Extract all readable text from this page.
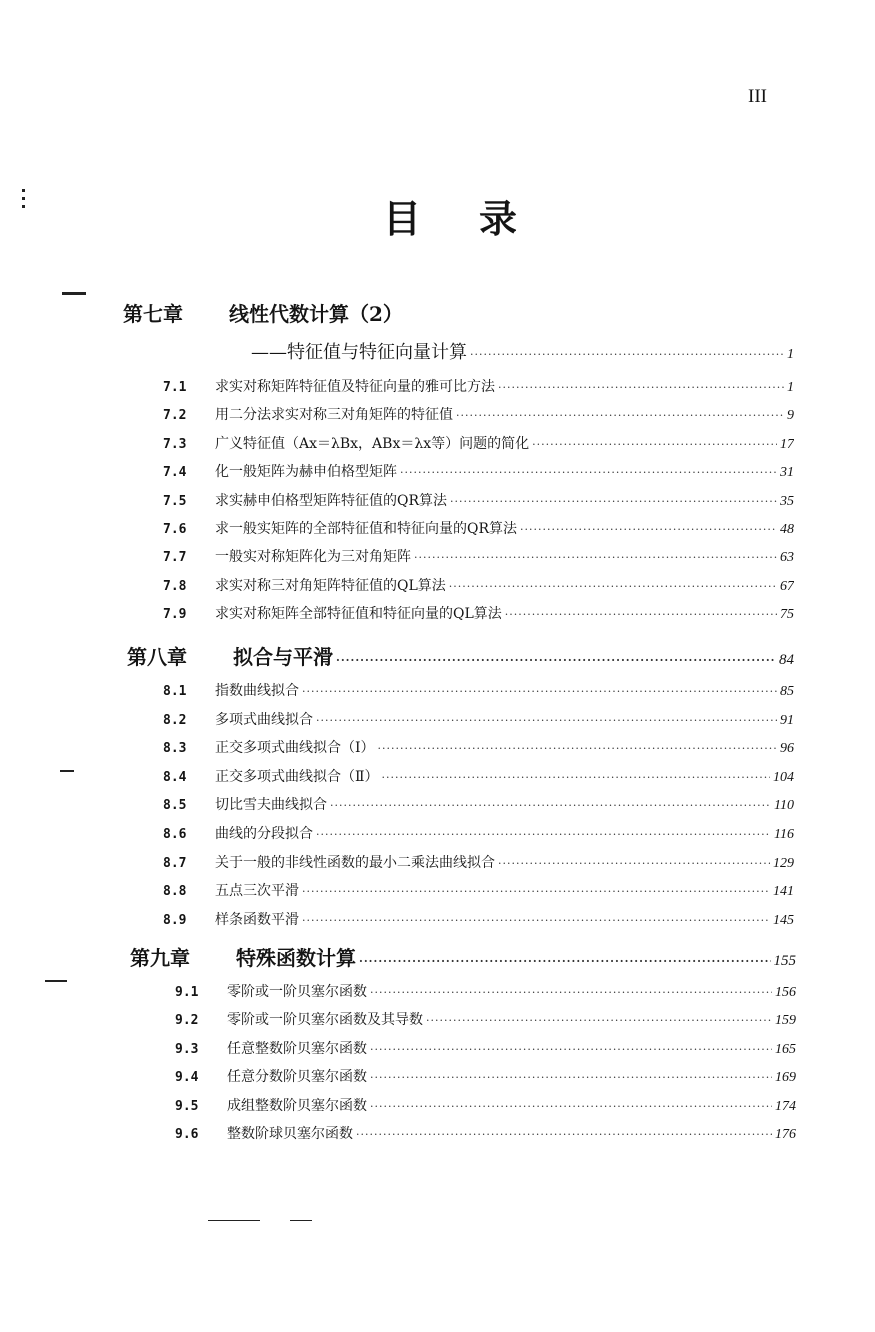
III
目录
第七章	线性代数计算（2）
——特征值与特征向量计算 ·····	1
7.1	求实对称矩阵特征值及特征向量的雅可比方法 ·····	1
7.2	用二分法求实对称三对角矩阵的特征值 ·····	9
7.3	广义特征值（Ax＝λBx，ABx＝λx等）问题的简化 ·····	17
7.4	化一般矩阵为赫申伯格型矩阵 ·····	31
7.5	求实赫申伯格型矩阵特征值的QR算法 ·····	35
7.6	求一般实矩阵的全部特征值和特征向量的QR算法 ·····	48
7.7	一般实对称矩阵化为三对角矩阵 ·····	63
7.8	求实对称三对角矩阵特征值的QL算法 ·····	67
7.9	求实对称矩阵全部特征值和特征向量的QL算法 ·····	75
第八章	拟合与平滑 ·····	84
8.1	指数曲线拟合 ·····	85
8.2	多项式曲线拟合 ·····	91
8.3	正交多项式曲线拟合（Ⅰ） ·····	96
8.4	正交多项式曲线拟合（Ⅱ） ·····	104
8.5	切比雪夫曲线拟合 ·····	110
8.6	曲线的分段拟合 ·····	116
8.7	关于一般的非线性函数的最小二乘法曲线拟合 ·····	129
8.8	五点三次平滑 ·····	141
8.9	样条函数平滑 ·····	145
第九章	特殊函数计算 ·····	155
9.1	零阶或一阶贝塞尔函数 ·····	156
9.2	零阶或一阶贝塞尔函数及其导数 ·····	159
9.3	任意整数阶贝塞尔函数 ·····	165
9.4	任意分数阶贝塞尔函数 ·····	169
9.5	成组整数阶贝塞尔函数 ·····	174
9.6	整数阶球贝塞尔函数 ·····	176
